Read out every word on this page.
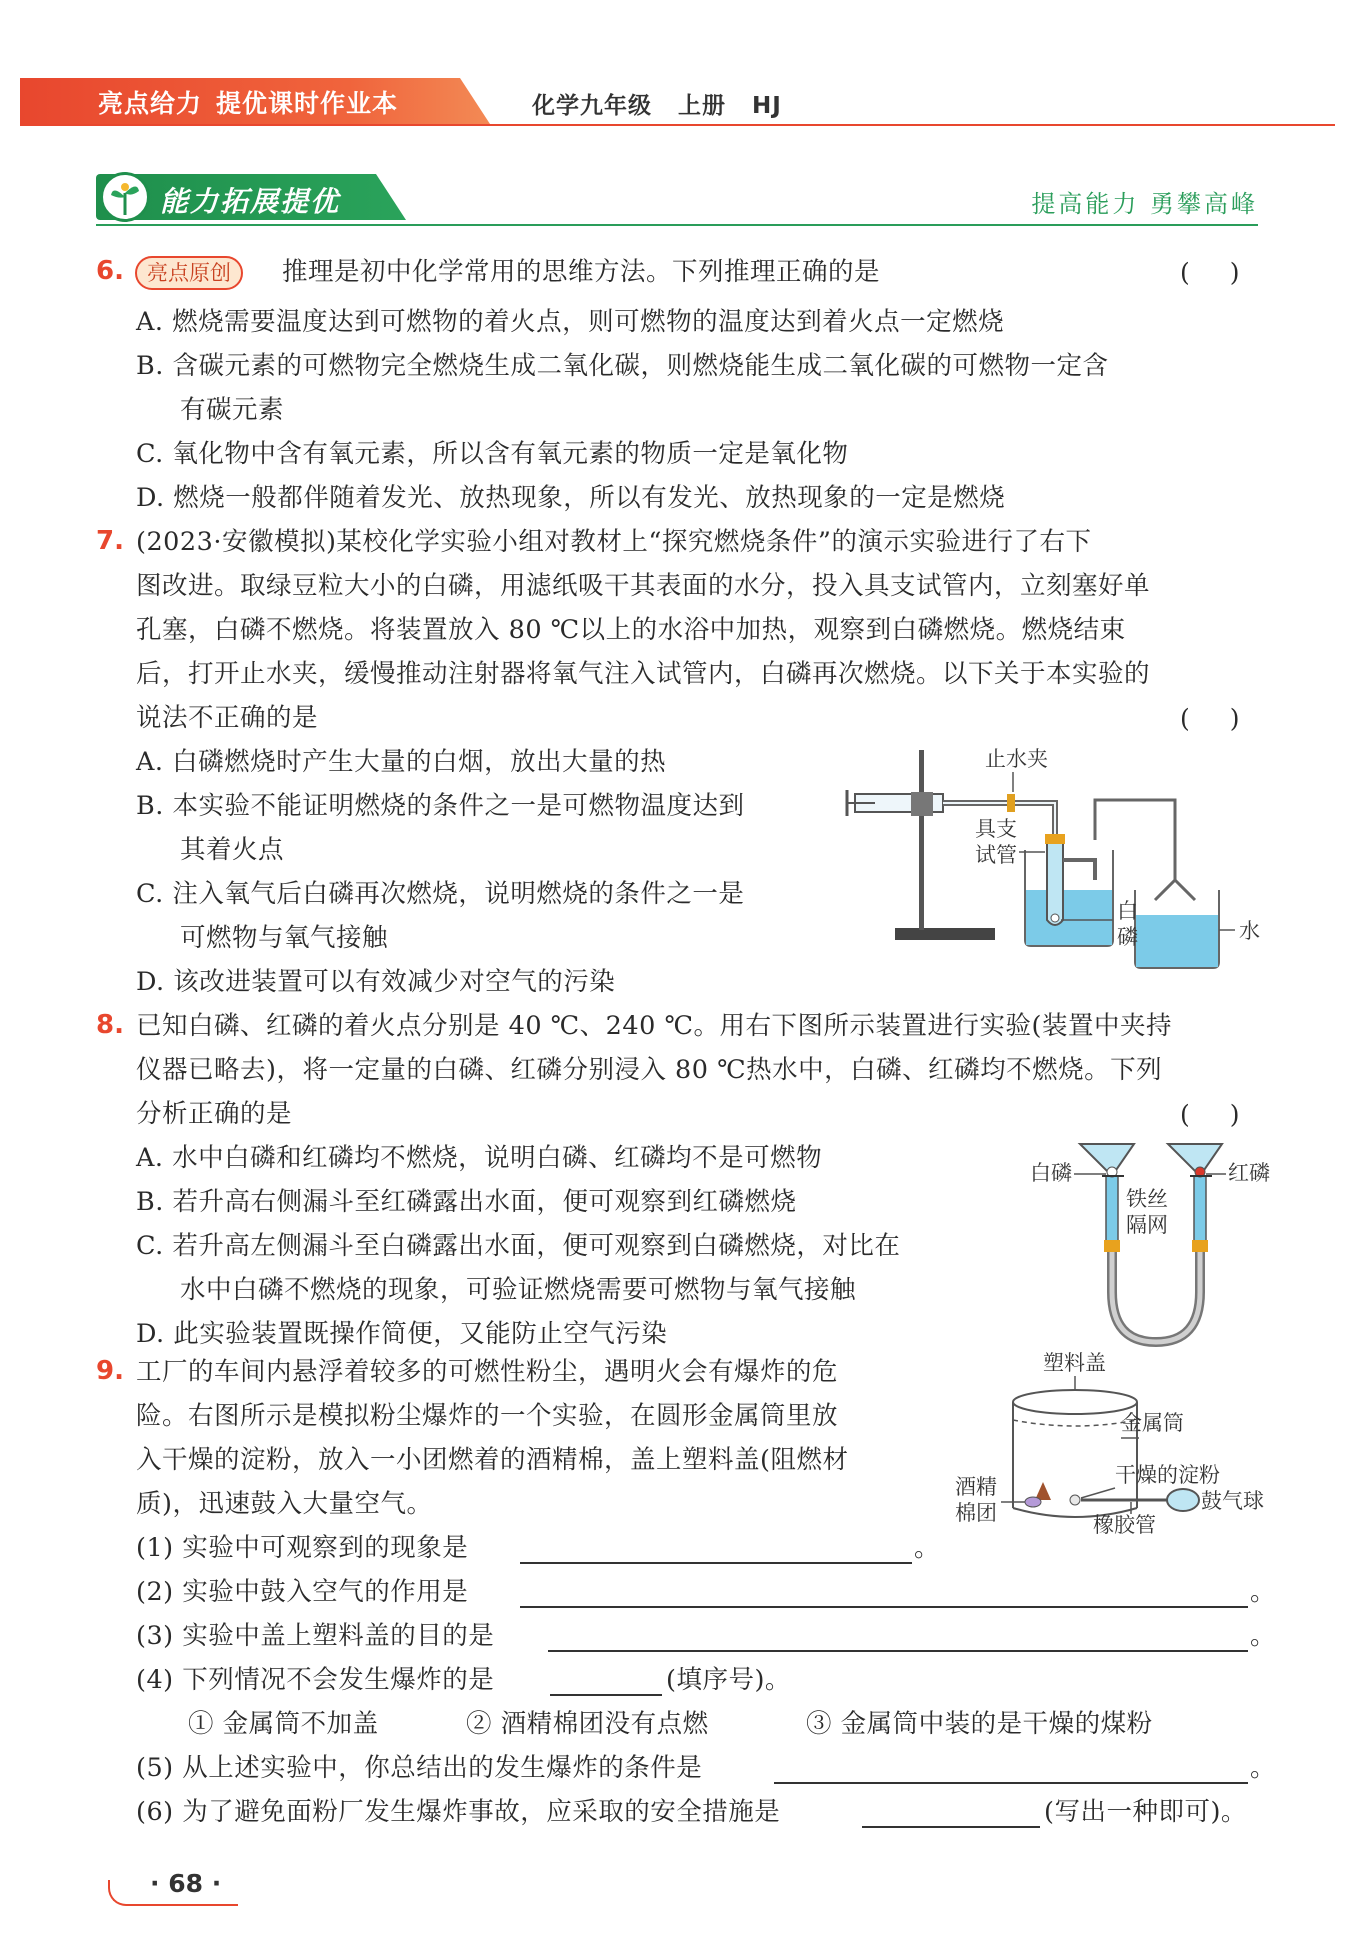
亮点给力 提优课时作业本	化学九年级 上册 HJ
能力拓展提优	提高能力 勇攀高峰
6.	亮点原创	推理是初中化学常用的思维方法。下列推理正确的是	()
A. 燃烧需要温度达到可燃物的着火点，则可燃物的温度达到着火点一定燃烧
B. 含碳元素的可燃物完全燃烧生成二氧化碳，则燃烧能生成二氧化碳的可燃物一定含
有碳元素
C. 氧化物中含有氧元素，所以含有氧元素的物质一定是氧化物
D. 燃烧一般都伴随着发光、放热现象，所以有发光、放热现象的一定是燃烧
7. (2023·安徽模拟)某校化学实验小组对教材上“探究燃烧条件”的演示实验进行了右下
图改进。取绿豆粒大小的白磷，用滤纸吸干其表面的水分，投入具支试管内，立刻塞好单
孔塞，白磷不燃烧。将装置放入 80 ℃以上的水浴中加热，观察到白磷燃烧。燃烧结束
后，打开止水夹，缓慢推动注射器将氧气注入试管内，白磷再次燃烧。以下关于本实验的
说法不正确的是	()
A. 白磷燃烧时产生大量的白烟，放出大量的热
B. 本实验不能证明燃烧的条件之一是可燃物温度达到
其着火点
C. 注入氧气后白磷再次燃烧，说明燃烧的条件之一是
可燃物与氧气接触
D. 该改进装置可以有效减少对空气的污染
止水夹
具支
试管
白
磷	水
8. 已知白磷、红磷的着火点分别是 40 ℃、240 ℃。用右下图所示装置进行实验(装置中夹持
仪器已略去)，将一定量的白磷、红磷分别浸入 80 ℃热水中，白磷、红磷均不燃烧。下列
分析正确的是	()
A. 水中白磷和红磷均不燃烧，说明白磷、红磷均不是可燃物
B. 若升高右侧漏斗至红磷露出水面，便可观察到红磷燃烧
C. 若升高左侧漏斗至白磷露出水面，便可观察到白磷燃烧，对比在
水中白磷不燃烧的现象，可验证燃烧需要可燃物与氧气接触
D. 此实验装置既操作简便，又能防止空气污染
白磷	红磷
铁丝
隔网
9. 工厂的车间内悬浮着较多的可燃性粉尘，遇明火会有爆炸的危
险。右图所示是模拟粉尘爆炸的一个实验，在圆形金属筒里放
入干燥的淀粉，放入一小团燃着的酒精棉，盖上塑料盖(阻燃材
质)，迅速鼓入大量空气。
(1) 实验中可观察到的现象是	。
(2) 实验中鼓入空气的作用是	。
(3) 实验中盖上塑料盖的目的是	。
(4) 下列情况不会发生爆炸的是	(填序号)。
① 金属筒不加盖	② 酒精棉团没有点燃	③ 金属筒中装的是干燥的煤粉
(5) 从上述实验中，你总结出的发生爆炸的条件是	。
(6) 为了避免面粉厂发生爆炸事故，应采取的安全措施是	(写出一种即可)。
塑料盖
金属筒
干燥的淀粉
酒精
棉团	鼓气球
橡胶管
· 68 ·
